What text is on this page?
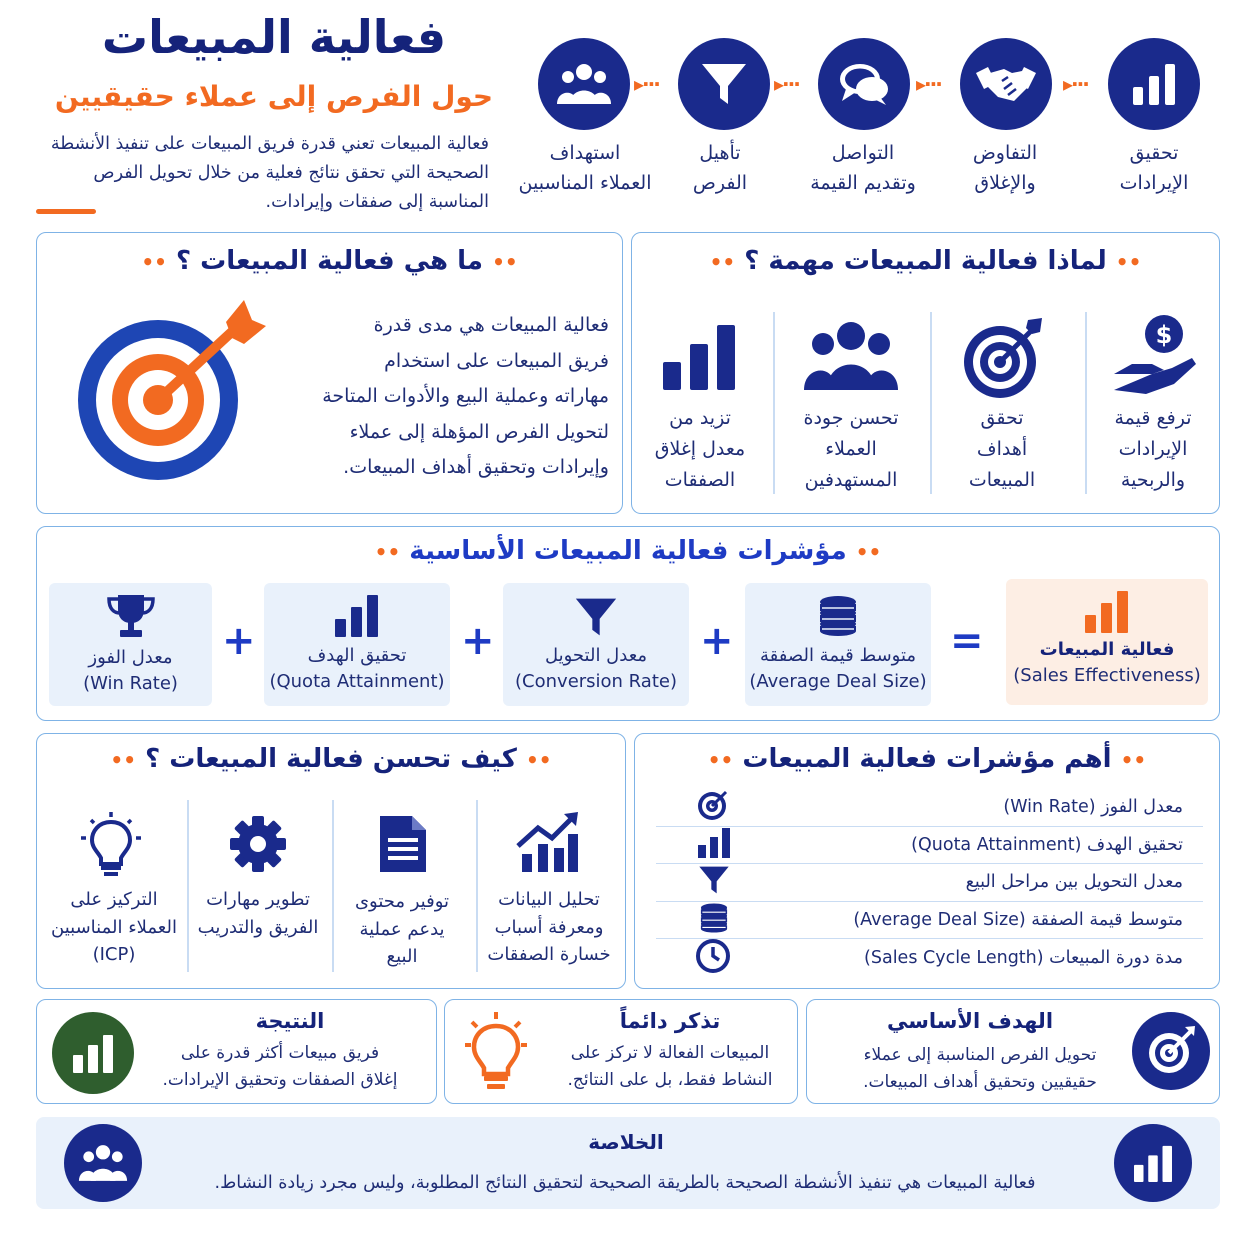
فعالية المبيعات
حول الفرص إلى عملاء حقيقيين
فعالية المبيعات تعني قدرة فريق المبيعات على تنفيذ الأنشطة الصحيحة التي تحقق نتائج فعلية من خلال تحويل الفرص المناسبة إلى صفقات وإيرادات.
···▸
···▸
···▸
···▸
تحقيق
الإيرادات
التفاوض
والإغلاق
التواصل
وتقديم القيمة
تأهيل
الفرص
استهداف
العملاء المناسبين
•• لماذا فعالية المبيعات مهمة ؟ ••
$
ترفع قيمة
الإيرادات
والربحية
تحقق
أهداف
المبيعات
تحسن جودة
العملاء
المستهدفين
تزيد من
معدل إغلاق
الصفقات
•• ما هي فعالية المبيعات ؟ ••
فعالية المبيعات هي مدى قدرة
فريق المبيعات على استخدام
مهاراته وعملية البيع والأدوات المتاحة
لتحويل الفرص المؤهلة إلى عملاء
وإيرادات وتحقيق أهداف المبيعات.
•• مؤشرات فعالية المبيعات الأساسية ••
فعالية المبيعات
(Sales Effectiveness)
=
متوسط قيمة الصفقة
(Average Deal Size)
+
معدل التحويل
(Conversion Rate)
+
تحقيق الهدف
(Quota Attainment)
+
معدل الفوز
(Win Rate)
•• أهم مؤشرات فعالية المبيعات ••
معدل الفوز (Win Rate)
تحقيق الهدف (Quota Attainment)
معدل التحويل بين مراحل البيع
متوسط قيمة الصفقة (Average Deal Size)
مدة دورة المبيعات (Sales Cycle Length)
•• كيف تحسن فعالية المبيعات ؟ ••
تحليل البيانات
ومعرفة أسباب
خسارة الصفقات
توفير محتوى
يدعم عملية
البيع
تطوير مهارات
الفريق والتدريب
التركيز على
العملاء المناسبين
(ICP)
الهدف الأساسي
تحويل الفرص المناسبة إلى عملاء
حقيقيين وتحقيق أهداف المبيعات.
تذكر دائماً
المبيعات الفعالة لا تركز على
النشاط فقط، بل على النتائج.
النتيجة
فريق مبيعات أكثر قدرة على
إغلاق الصفقات وتحقيق الإيرادات.
الخلاصة
فعالية المبيعات هي تنفيذ الأنشطة الصحيحة بالطريقة الصحيحة لتحقيق النتائج المطلوبة، وليس مجرد زيادة النشاط.
